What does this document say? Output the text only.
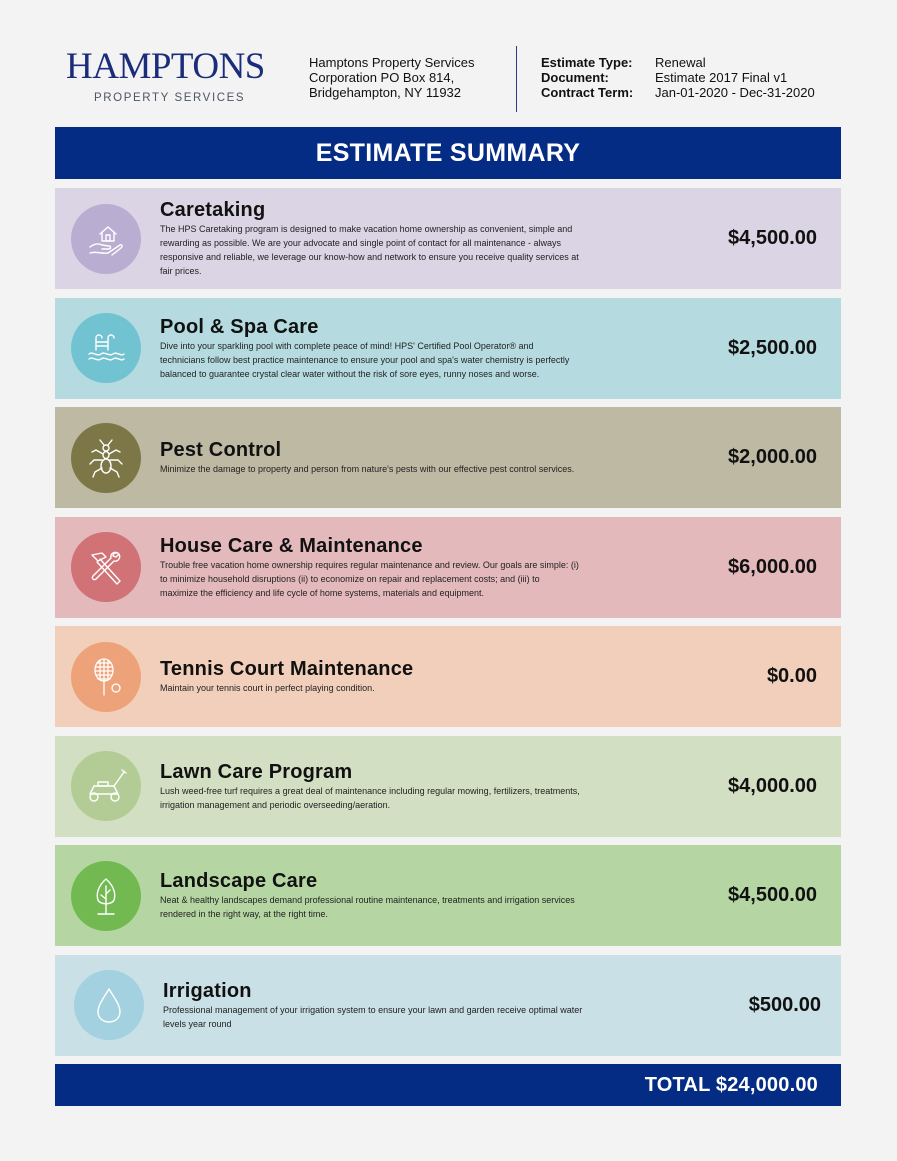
HAMPTONS
PROPERTY SERVICES
Hamptons Property Services
Corporation PO Box 814,
Bridgehampton, NY 11932
Estimate Type:	Renewal
Document:	Estimate 2017 Final v1
Contract Term:	Jan-01-2020 - Dec-31-2020
ESTIMATE SUMMARY
Caretaking
The HPS Caretaking program is designed to make vacation home ownership as convenient, simple and rewarding as possible. We are your advocate and single point of contact for all maintenance - always responsive and reliable, we leverage our know-how and network to ensure you receive quality services at fair prices.
$4,500.00
Pool & Spa Care
Dive into your sparkling pool with complete peace of mind! HPS' Certified Pool Operator® and technicians follow best practice maintenance to ensure your pool and spa's water chemistry is perfectly balanced to guarantee crystal clear water without the risk of sore eyes, runny noses and worse.
$2,500.00
Pest Control
Minimize the damage to property and person from nature's pests with our effective pest control services.
$2,000.00
House Care & Maintenance
Trouble free vacation home ownership requires regular maintenance and review. Our goals are simple: (i) to minimize household disruptions (ii) to economize on repair and replacement costs; and (iii) to maximize the efficiency and life cycle of home systems, materials and equipment.
$6,000.00
Tennis Court Maintenance
Maintain your tennis court in perfect playing condition.
$0.00
Lawn Care Program
Lush weed-free turf requires a great deal of maintenance including regular mowing, fertilizers, treatments, irrigation management and periodic overseeding/aeration.
$4,000.00
Landscape Care
Neat & healthy landscapes demand professional routine maintenance, treatments and irrigation services rendered in the right way, at the right time.
$4,500.00
Irrigation
Professional management of your irrigation system to ensure your lawn and garden receive optimal water levels year round
$500.00
TOTAL $24,000.00
